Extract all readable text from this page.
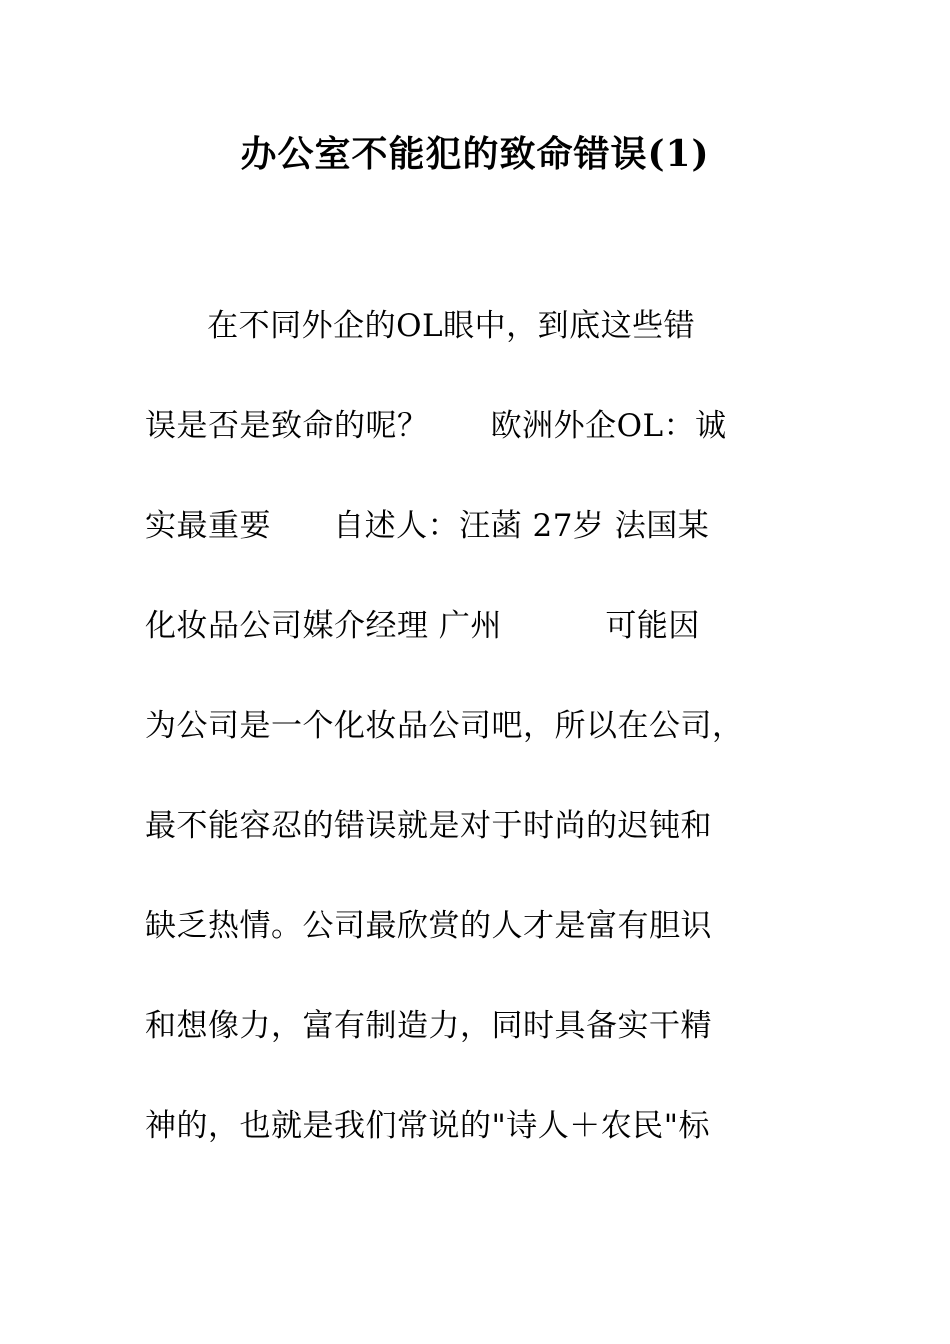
办公室不能犯的致命错误(1)
在不同外企的OL眼中，到底这些错
误是否是致命的呢？      欧洲外企OL：诚
实最重要      自述人：汪菡 27岁 法国某
化妆品公司媒介经理 广州          可能因
为公司是一个化妆品公司吧，所以在公司，
最不能容忍的错误就是对于时尚的迟钝和
缺乏热情。公司最欣赏的人才是富有胆识
和想像力，富有制造力，同时具备实干精
神的，也就是我们常说的"诗人＋农民"标
